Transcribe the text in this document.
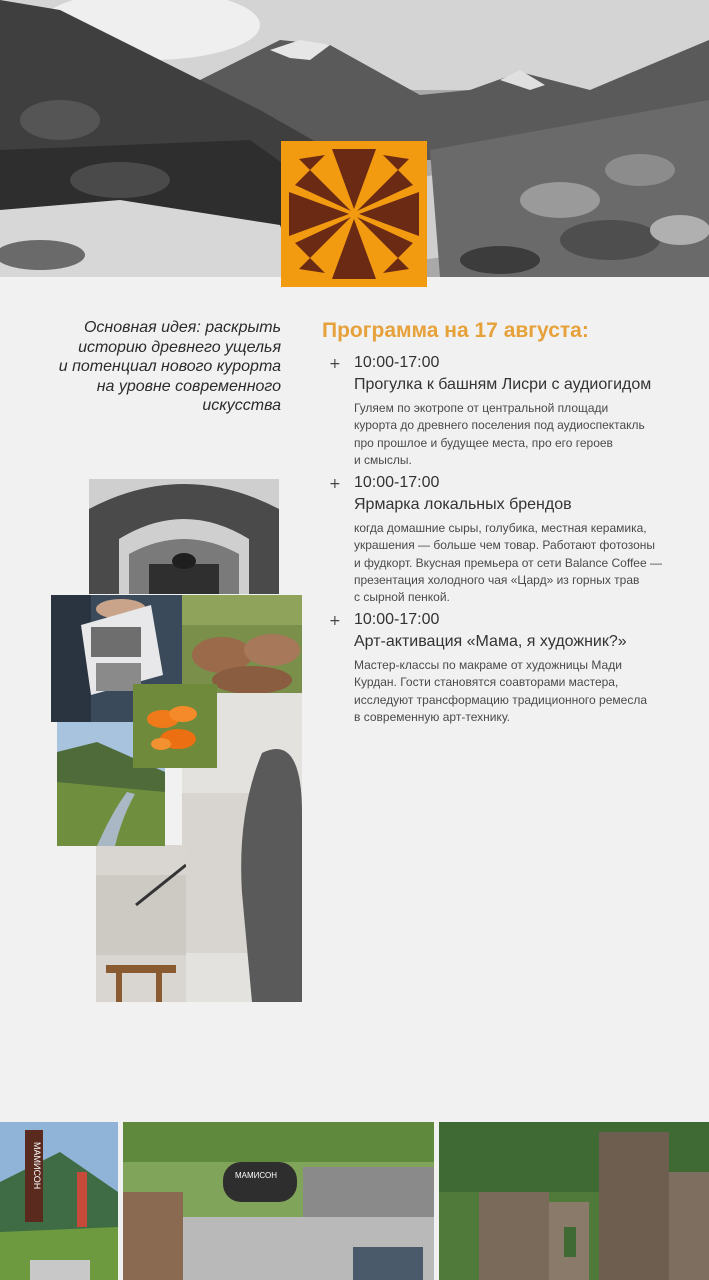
Основная идея: раскрыть
историю древнего ущелья
и потенциал нового курорта
на уровне современного
искусства
Программа на 17 августа:
+ 10:00-17:00
Прогулка к башням Лисри с аудиогидом
Гуляем по экотропе от центральной площади
курорта до древнего поселения под аудиоспектакль
про прошлое и будущее места, про его героев
и смыслы.
+ 10:00-17:00
Ярмарка локальных брендов
когда домашние сыры, голубика, местная керамика,
украшения — больше чем товар. Работают фотозоны
и фудкорт. Вкусная премьера от сети Balance Coffee —
презентация холодного чая «Цард» из горных трав
с сырной пенкой.
+ 10:00-17:00
Арт-активация «Мама, я художник?»
Мастер-классы по макраме от художницы Мади
Курдан. Гости становятся соавторами мастера,
исследуют трансформацию традиционного ремесла
в современную арт-технику.
МАМИСОН	МАМИСОН
